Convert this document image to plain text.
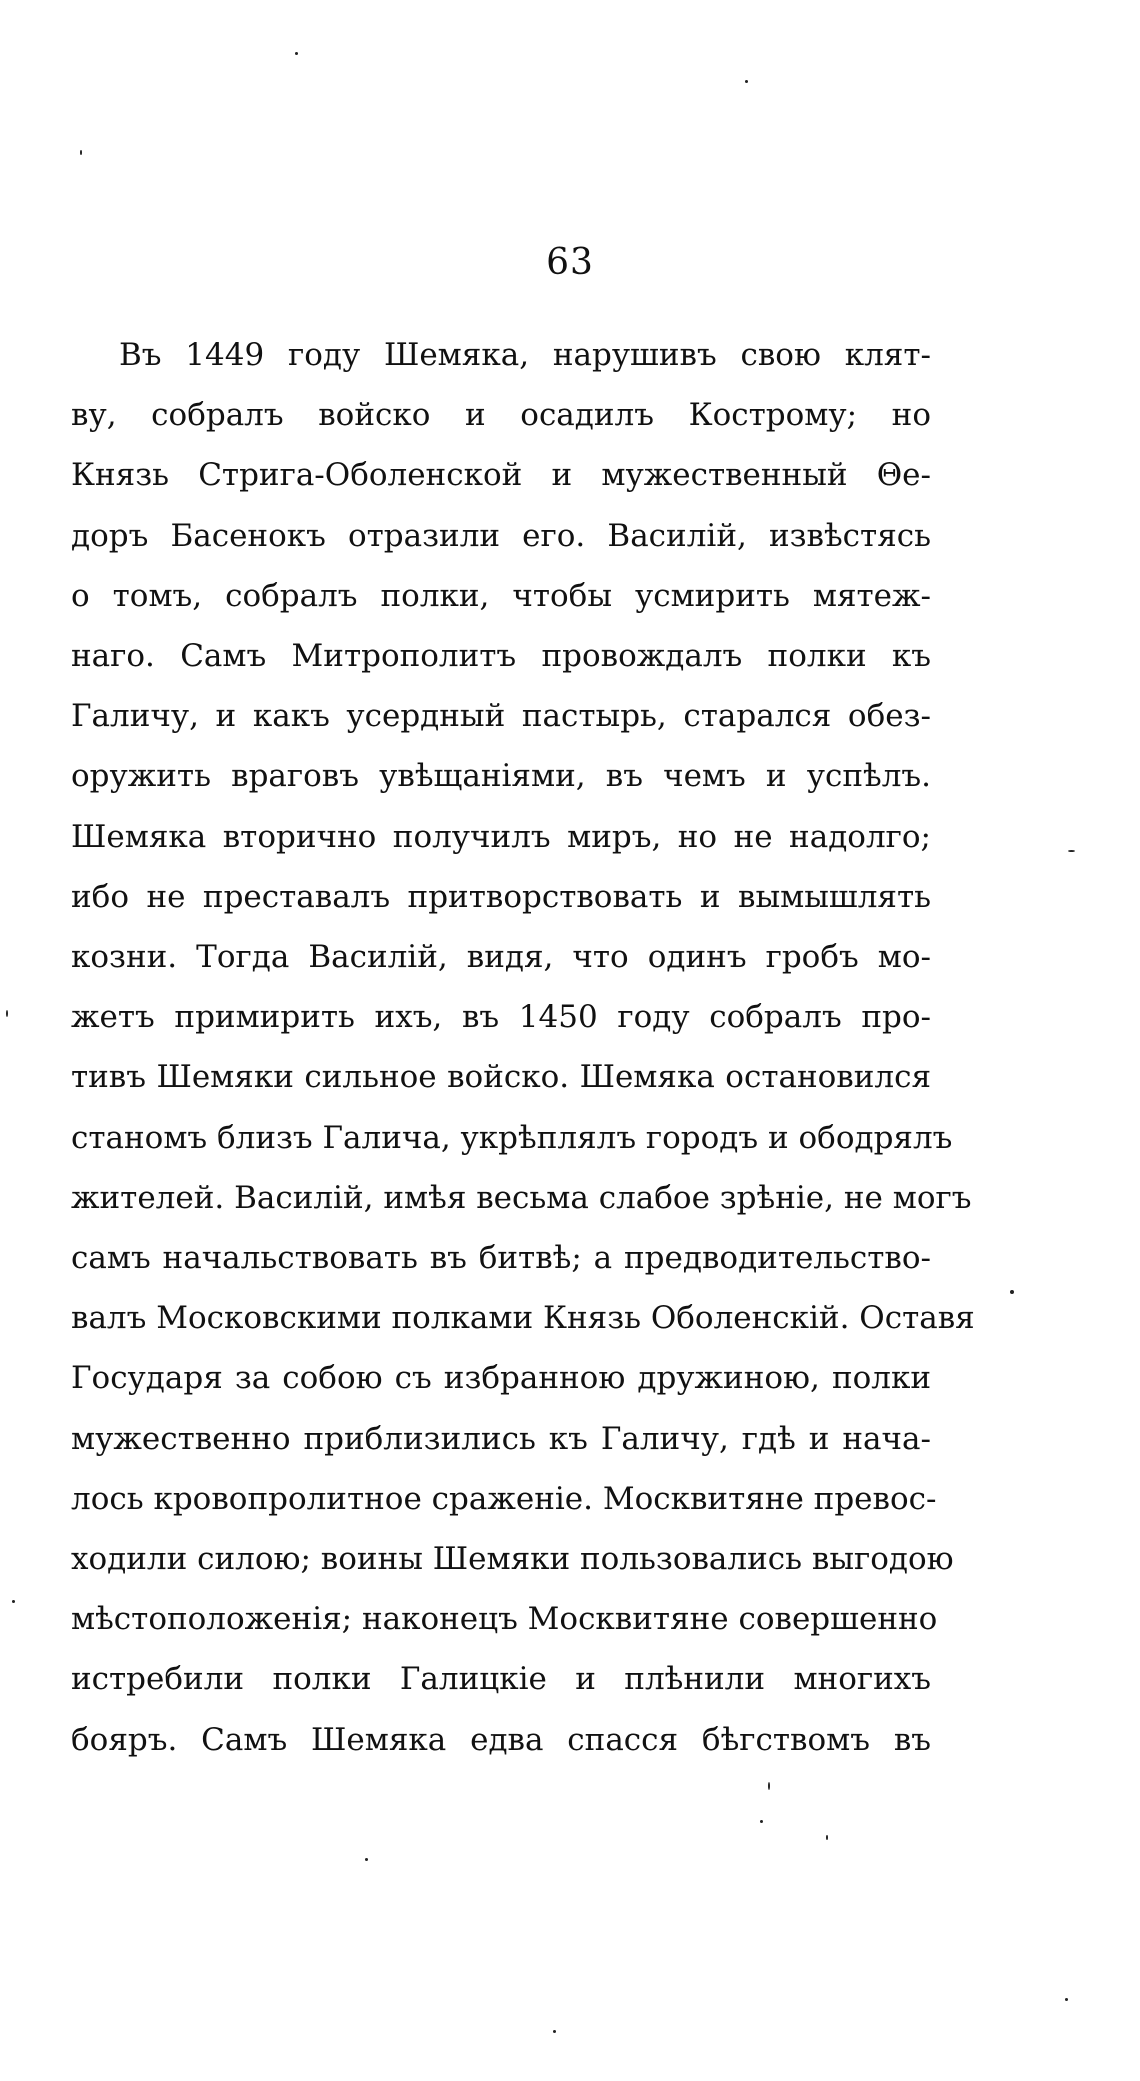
63
Въ 1449 году Шемяка, нарушивъ свою клят-
ву, собралъ войско и осадилъ Кострому; но
Князь Стрига-Оболенской и мужественный Θе-
доръ Басенокъ отразили его. Василій, извѣстясь
о томъ, собралъ полки, чтобы усмирить мятеж-
наго. Самъ Митрополитъ провождалъ полки къ
Галичу, и какъ усердный пастырь, старался обез-
оружить враговъ увѣщаніями, въ чемъ и успѣлъ.
Шемяка вторично получилъ миръ, но не надолго;
ибо не преставалъ притворствовать и вымышлять
козни. Тогда Василій, видя, что одинъ гробъ мо-
жетъ примирить ихъ, въ 1450 году собралъ про-
тивъ Шемяки сильное войско. Шемяка остановился
станомъ близъ Галича, укрѣплялъ городъ и ободрялъ
жителей. Василій, имѣя весьма слабое зрѣніе, не могъ
самъ начальствовать въ битвѣ; а предводительство-
валъ Московскими полками Князь Оболенскій. Оставя
Государя за собою съ избранною дружиною, полки
мужественно приблизились къ Галичу, гдѣ и нача-
лось кровопролитное сраженіе. Москвитяне превос-
ходили силою; воины Шемяки пользовались выгодою
мѣстоположенія; наконецъ Москвитяне совершенно
истребили полки Галицкіе и плѣнили многихъ
бояръ. Самъ Шемяка едва спасся бѣгствомъ въ
